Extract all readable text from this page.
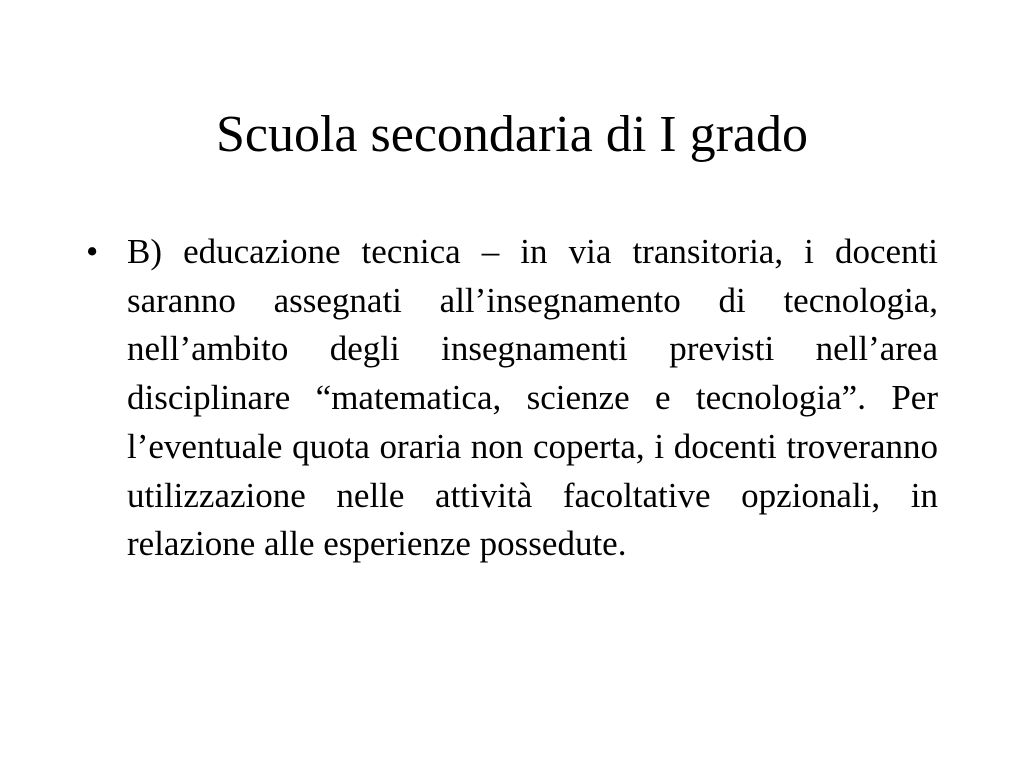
Scuola secondaria di I grado
• B) educazione tecnica – in via transitoria, i docenti saranno assegnati all’insegnamento di tecnologia, nell’ambito degli insegnamenti previsti nell’area disciplinare “matematica, scienze e tecnologia”. Per l’eventuale quota oraria non coperta, i docenti troveranno utilizzazione nelle attività facoltative opzionali, in relazione alle esperienze possedute.
